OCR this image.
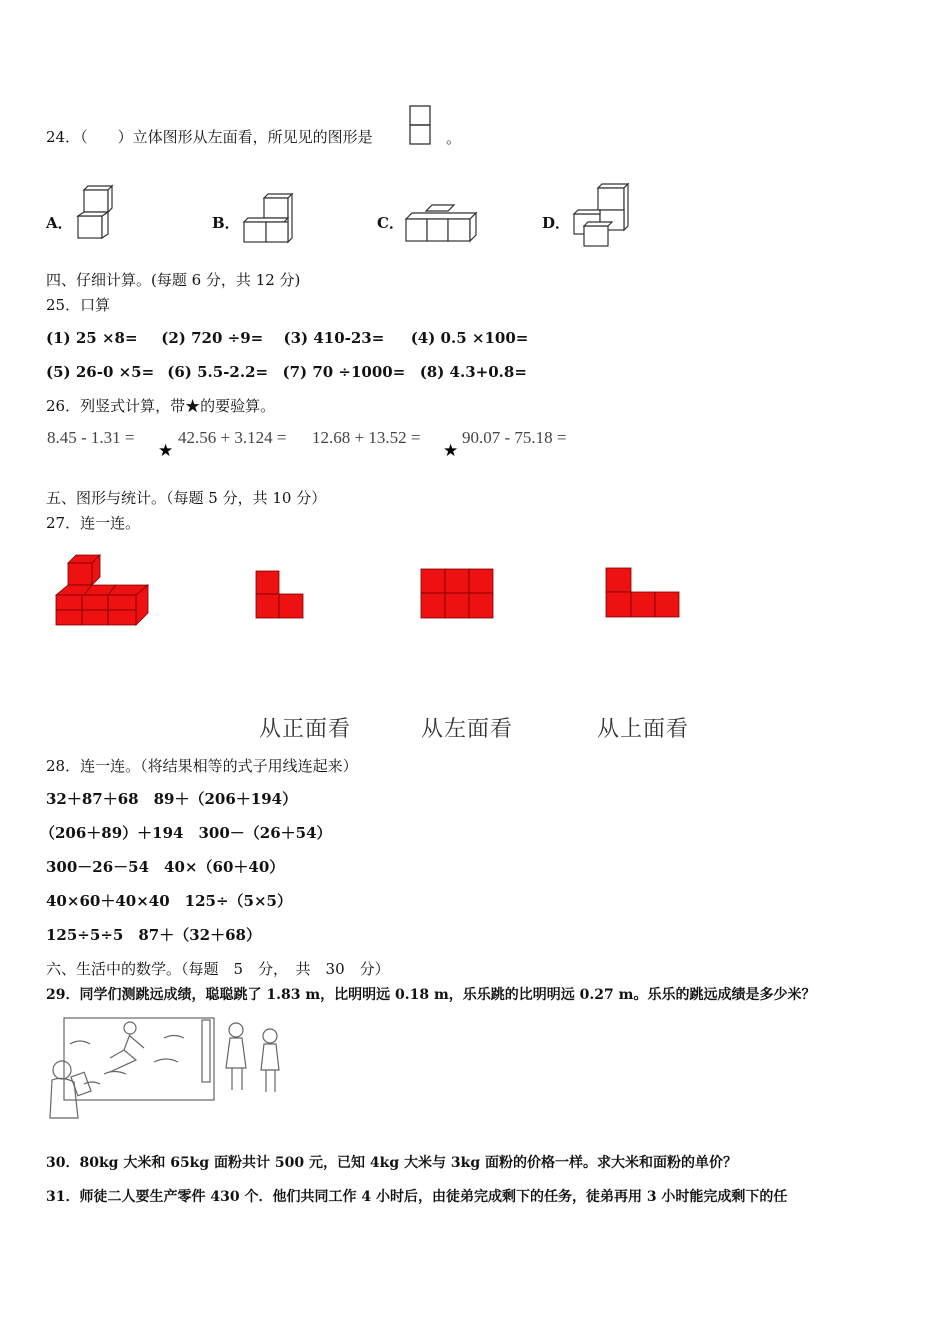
24．（　　）立体图形从左面看，所见见的图形是	。
A．	B．	C．	D．
四、仔细计算。(每题 6 分，共 12 分)
25．口算
(1) 25 ×8= (2) 720 ÷9= (3) 410-23= (4) 0.5 ×100=
(5) 26-0 ×5= (6) 5.5-2.2= (7) 70 ÷1000= (8) 4.3+0.8=
26．列竖式计算，带★的要验算。
8.45 - 1.31 =
★
42.56 + 3.124 = 12.68 + 13.52 =
★
90.07 - 75.18 =
五、图形与统计。（每题 5 分，共 10 分）
27．连一连。
从正面看	从左面看	从上面看
28．连一连。（将结果相等的式子用线连起来）
32＋87＋68　89＋（206＋194）
（206＋89）＋194　300－（26＋54）
300－26－54　40×（60＋40）
40×60＋40×40　125÷（5×5）
125÷5÷5　87＋（32＋68）
六、生活中的数学。（每题　5　分，　共　30　分）
29．同学们测跳远成绩，聪聪跳了 1.83 m，比明明远 0.18 m，乐乐跳的比明明远 0.27 m。乐乐的跳远成绩是多少米？
30．80kg 大米和 65kg 面粉共计 500 元，已知 4kg 大米与 3kg 面粉的价格一样。求大米和面粉的单价？
31．师徒二人要生产零件 430 个．他们共同工作 4 小时后，由徒弟完成剩下的任务，徒弟再用 3 小时能完成剩下的任
